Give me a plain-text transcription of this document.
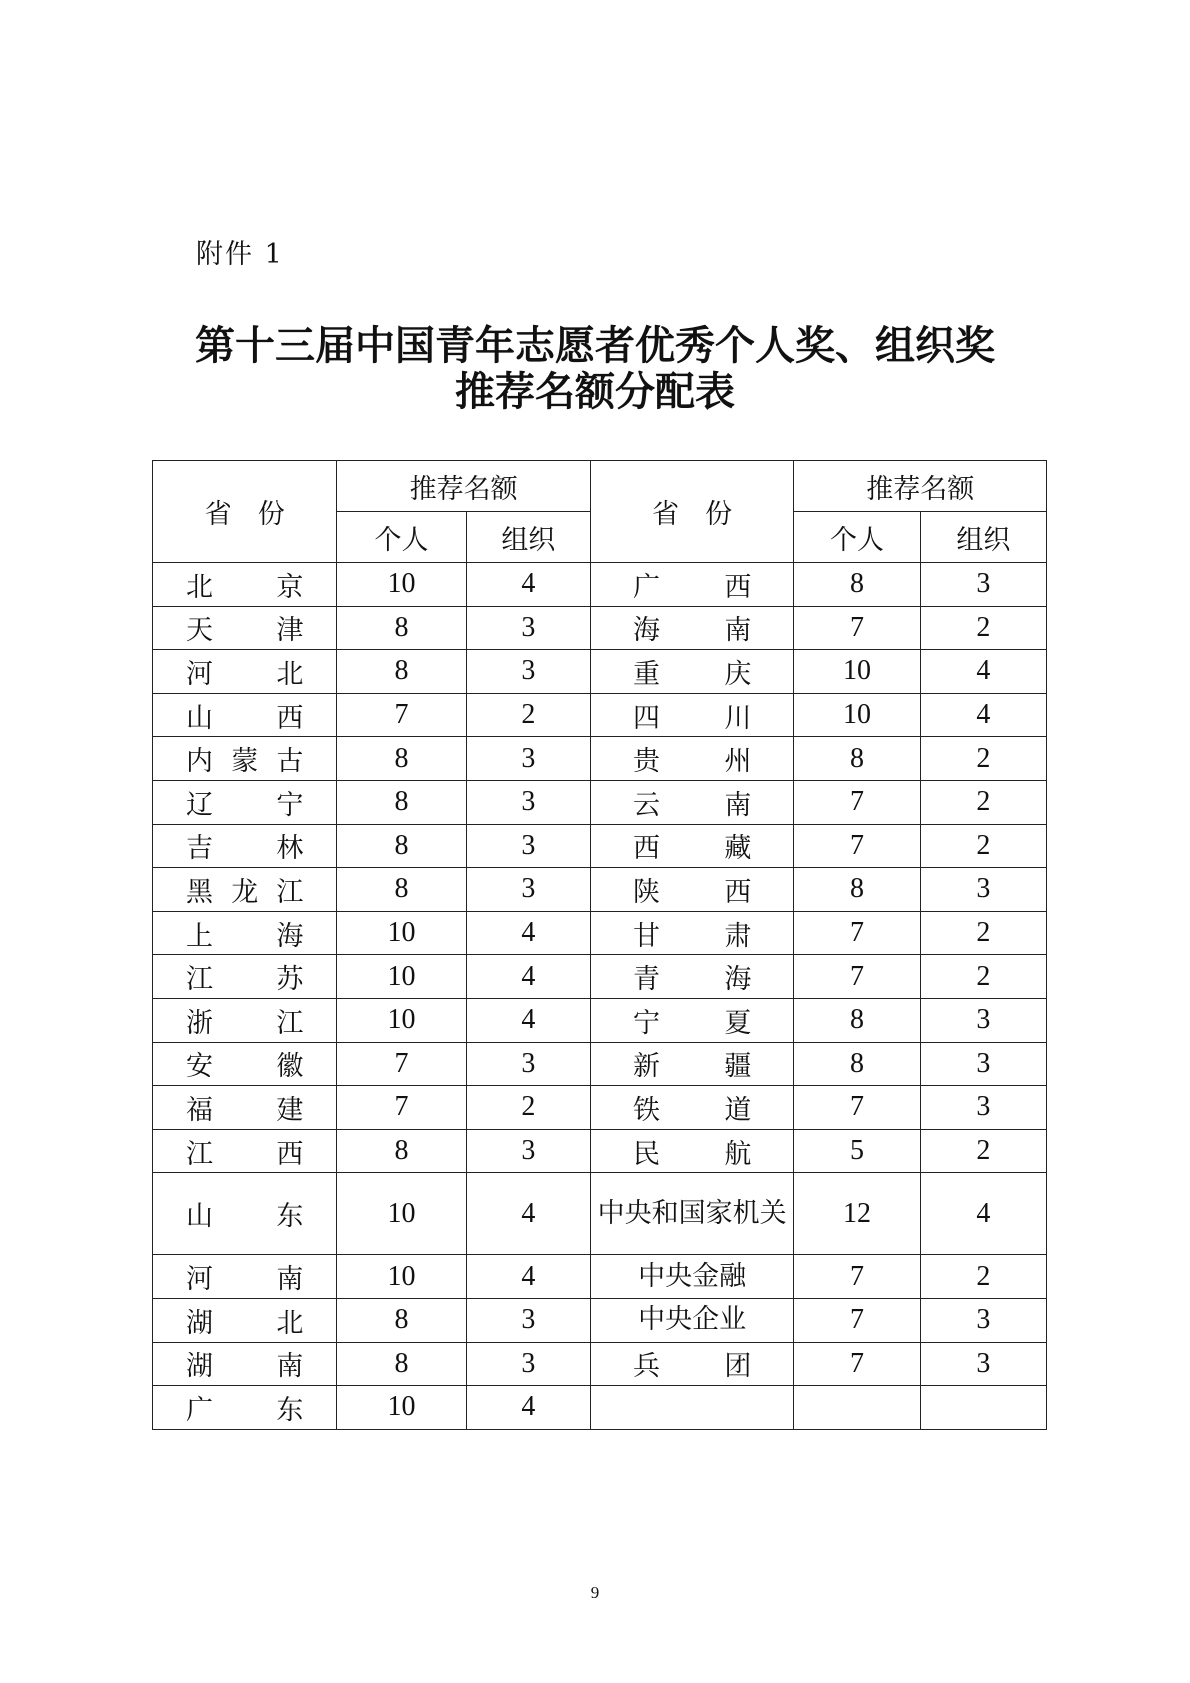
附件 1
第十三届中国青年志愿者优秀个人奖、组织奖
推荐名额分配表
省份	推荐名额		省份	推荐名额	
	个人	组织		个人	组织

北 京	10	4	广 西	8	3

天 津	8	3	海 南	7	2

河 北	8	3	重 庆	10	4

山 西	7	2	四 川	10	4

内 蒙 古	8	3	贵 州	8	2

辽 宁	8	3	云 南	7	2

吉 林	8	3	西 藏	7	2

黑 龙 江	8	3	陕 西	8	3

上 海	10	4	甘 肃	7	2

江 苏	10	4	青 海	7	2

浙 江	10	4	宁 夏	8	3

安 徽	7	3	新 疆	8	3

福 建	7	2	铁 道	7	3

江 西	8	3	民 航	5	2

山 东	10	4	中央和国家机关	12	4

河 南	10	4	中央金融	7	2

湖 北	8	3	中央企业	7	3

湖 南	8	3	兵 团	7	3

广 东	10	4	

9
